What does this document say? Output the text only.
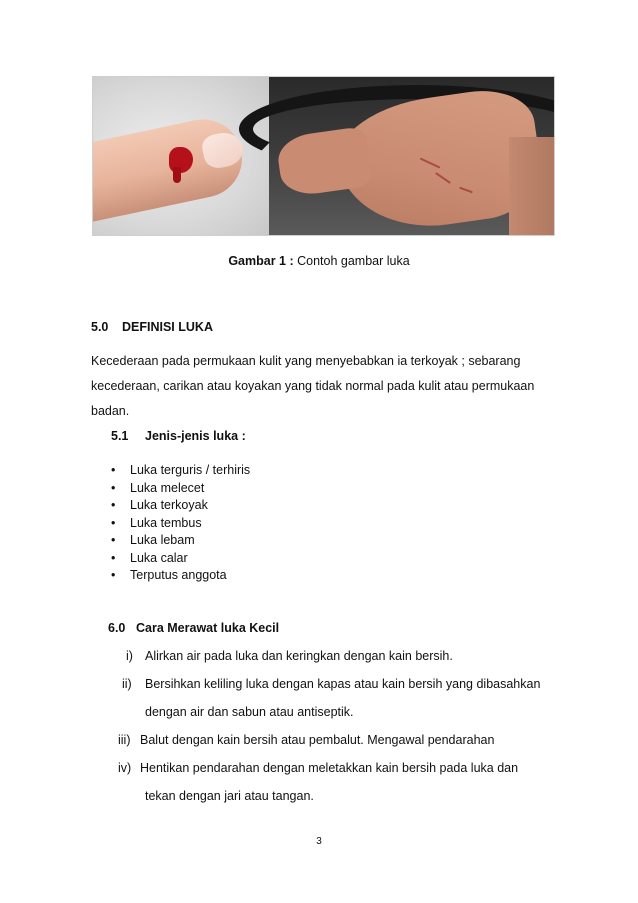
Gambar 1 : Contoh gambar luka
5.0 DEFINISI LUKA
Kecederaan pada permukaan kulit yang menyebabkan ia terkoyak ; sebarang kecederaan, carikan atau koyakan yang tidak normal pada kulit atau permukaan badan.
5.1 Jenis-jenis luka :
• Luka terguris / terhiris
• Luka melecet
• Luka terkoyak
• Luka tembus
• Luka lebam
• Luka calar
• Terputus anggota
6.0 Cara Merawat luka Kecil
i) Alirkan air pada luka dan keringkan dengan kain bersih.
ii) Bersihkan keliling luka dengan kapas atau kain bersih yang dibasahkan
dengan air dan sabun atau antiseptik.
iii) Balut dengan kain bersih atau pembalut. Mengawal pendarahan
iv) Hentikan pendarahan dengan meletakkan kain bersih pada luka dan
tekan dengan jari atau tangan.
3
